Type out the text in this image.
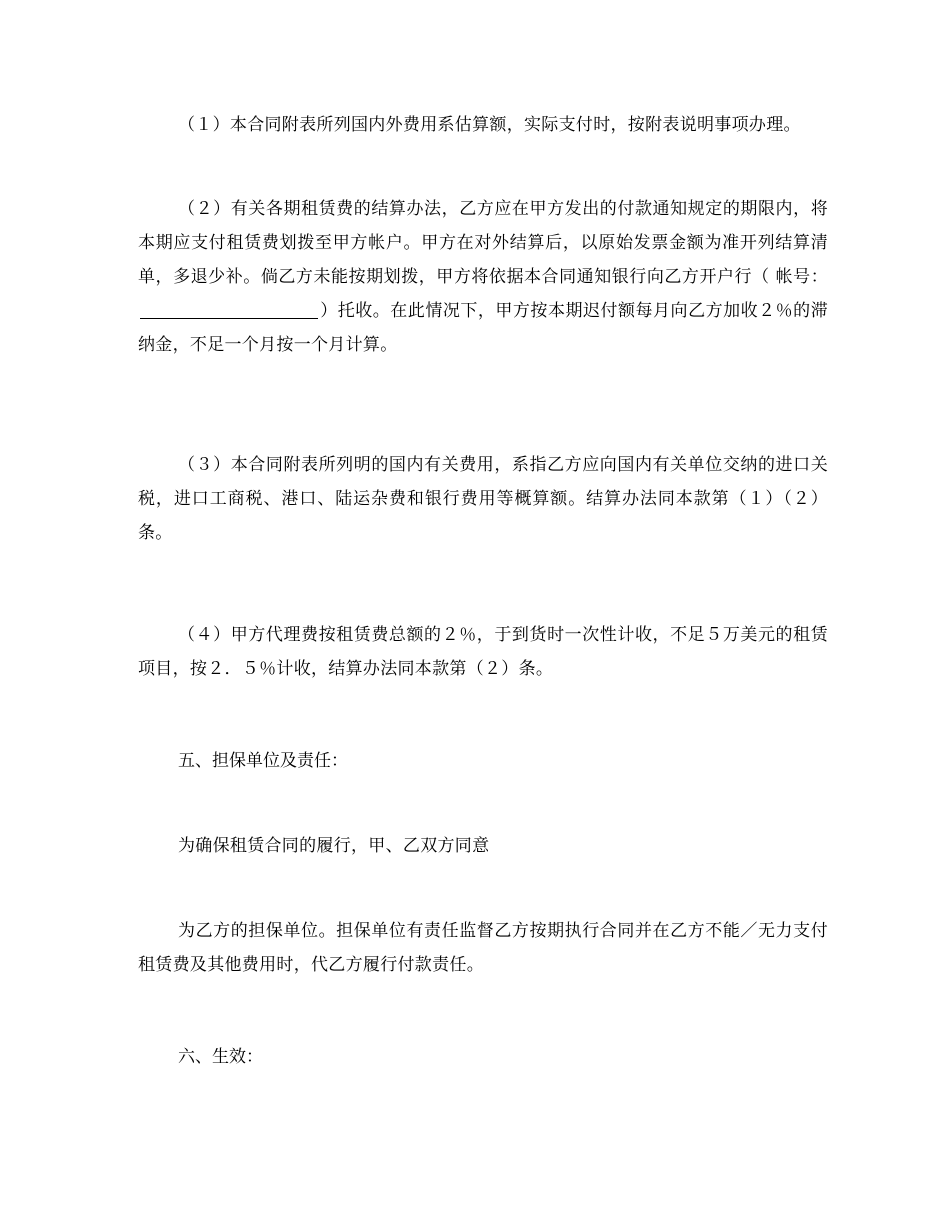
（１）本合同附表所列国内外费用系估算额，实际支付时，按附表说明事项办理。

（２）有关各期租赁费的结算办法，乙方应在甲方发出的付款通知规定的期限内，将本期应支付租赁费划拨至甲方帐户。甲方在对外结算后，以原始发票金额为准开列结算清单，多退少补。倘乙方未能按期划拨，甲方将依据本合同通知银行向乙方开户行（ 帐号：）托收。在此情况下，甲方按本期迟付额每月向乙方加收２％的滞纳金，不足一个月按一个月计算。

（３）本合同附表所列明的国内有关费用，系指乙方应向国内有关单位交纳的进口关税，进口工商税、港口、陆运杂费和银行费用等概算额。结算办法同本款第（１）（２）条。

（４）甲方代理费按租赁费总额的２％，于到货时一次性计收，不足５万美元的租赁项目，按２．５％计收，结算办法同本款第（２）条。

五、担保单位及责任：

为确保租赁合同的履行，甲、乙双方同意

为乙方的担保单位。担保单位有责任监督乙方按期执行合同并在乙方不能／无力支付租赁费及其他费用时，代乙方履行付款责任。

六、生效：
